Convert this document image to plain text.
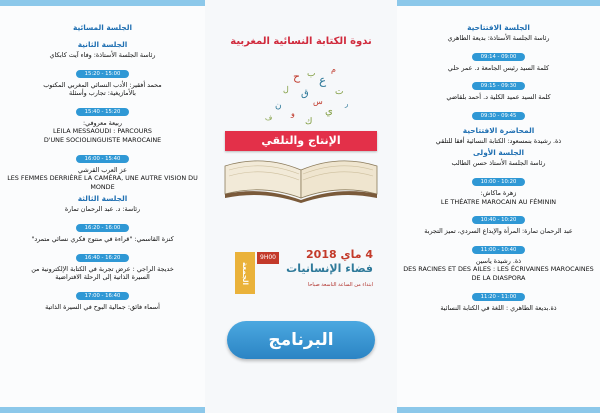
الجلسة المسائية
الجلسة الثانية
رئاسة الجلسة الأستاذة: وفاء آيت كابكاي
15:20 - 15:00
محمد أفقير: الأدب النسائي المغربي المكتوب
بالأمازيغية: تجارب وأسئلة
15:40 - 15:20
ربيعة معروفي:
LEILA MESSAOUDI : PARCOURS
D'UNE SOCIOLINGUISTE MAROCAINE
16:00 - 15:40
عز العرب القرشي
LES FEMMES DERRIÈRE LA CAMÉRA, UNE AUTRE VISION DU MONDE
الجلسة الثالثة
رئاسة: د. عبد الرحمان تمارة
16:20 - 16:00
كنزة القاسمي: "قراءة في منتوج فكري نسائي متمرد"
16:40 - 16:20
خديجة الراجي : عرض تجربة في الكتابة الإلكترونية من
السيرة الذاتية إلى الرحلة الافتراضية
17:00 - 16:40
أسماء فائق: جمالية البوح في السيرة الذاتية
ندوة الكتابة النسائية المغربية
ح ب ع
ل
م
ق	ت
س
ن	ي
و
ر
ك
ف
الإنتاج والتلقي
الجمعة
9H00	4 ماي 2018
فضاء الإنسانيات
ابتداء من الساعة التاسعة صباحا
البرنامج
الجلسة الافتتاحية
رئاسة الجلسة الأستاذة: بديعة الطاهري
09:14 - 09:00
كلمة السيد رئيس الجامعة د. عمر حلي
09:15 - 09:30
كلمة السيد عميد الكلية د. أحمد بلقاضي
09:30 - 09:45
المحاضرة الافتتاحية
ذة. رشيدة بنمسعود: الكتابة النسائية أفقا للتلقي
الجلسة الأولى
رئاسة الجلسة الأستاذ حسن الطالب
10:00 - 10:20
زهرة ماكاش:
LE THÉATRE MAROCAIN AU FÉMININ
10:40 - 10:20
عبد الرحمان تمارة: المرأة والإبداع السردي، تميز التجربة
11:00 - 10:40
ذة. رشيدة ياسين
DES RACINES ET DES AILES : LES ÉCRIVAINES MAROCAINES DE LA DIASPORA
11:20 - 11:00
ذة.بديعة الطاهري : اللغة في الكتابة النسائية
